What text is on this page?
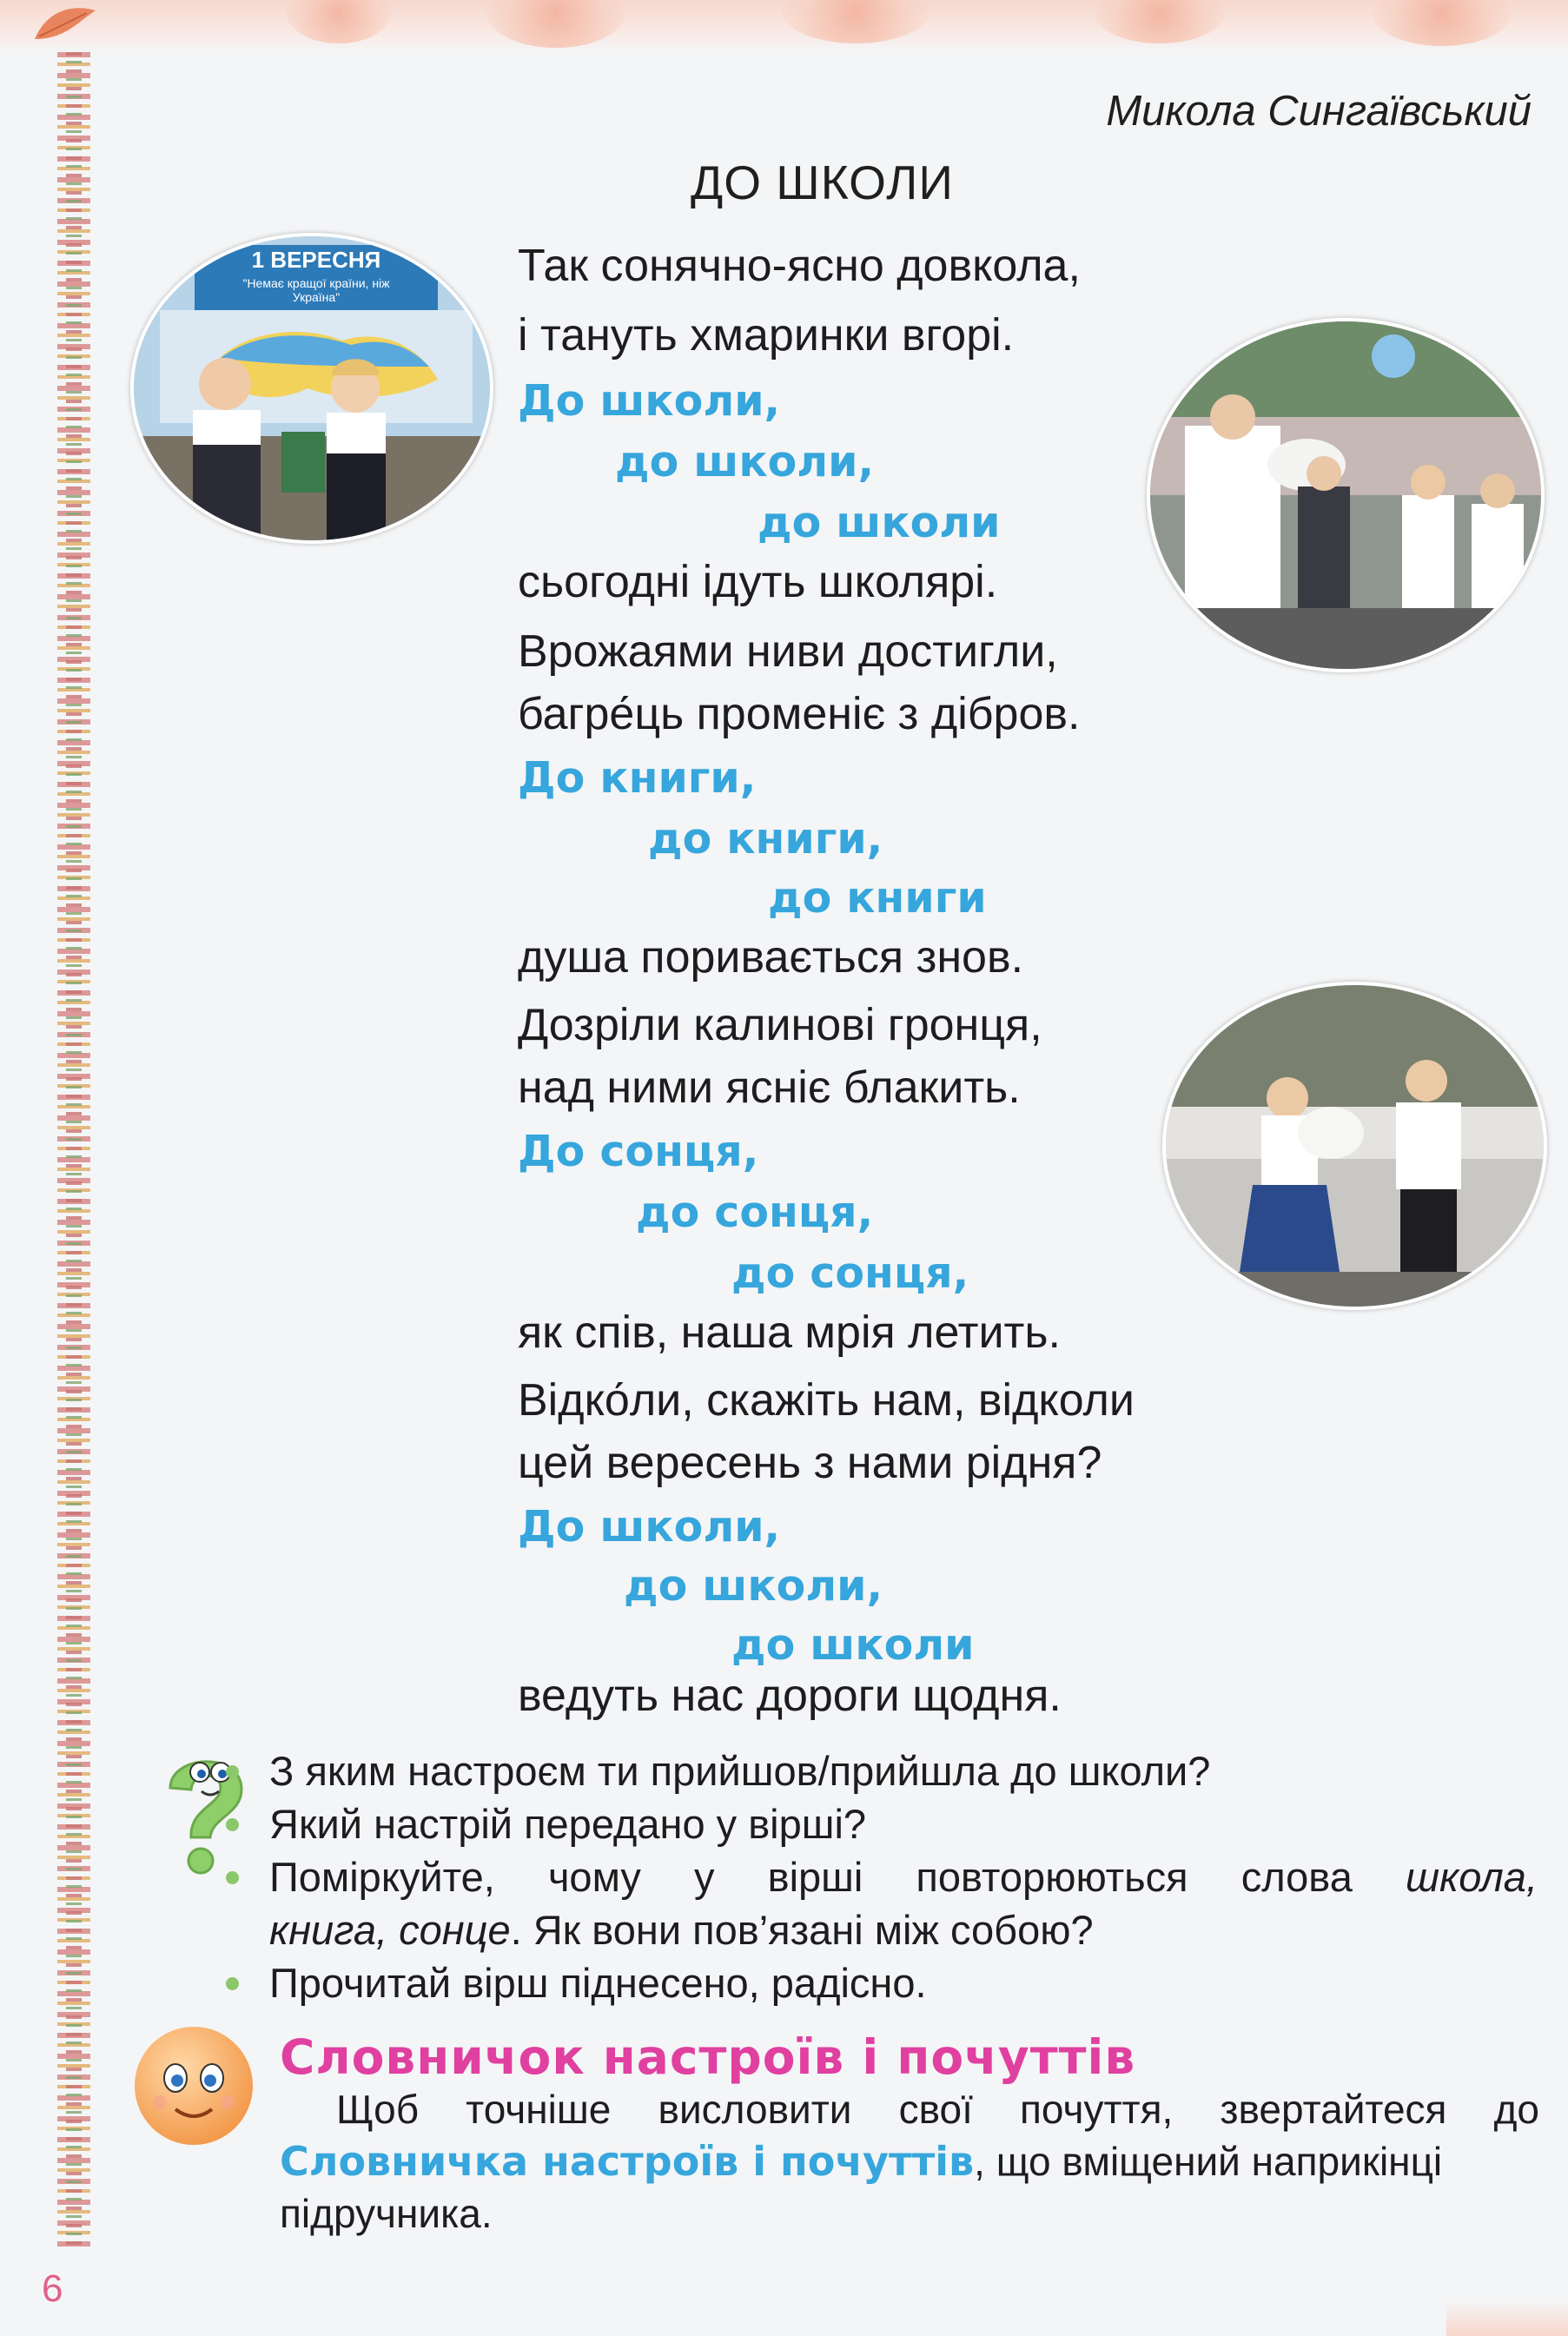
Микола Сингаївський
ДО ШКОЛИ
1 ВЕРЕСНЯ
"Немає кращої країни, ніж Україна"
Так сонячно-ясно довкола,
і тануть хмаринки вгорі.
До школи,
до школи,
до школи
сьогодні ідуть школярі.
Врожаями ниви достигли,
багре́ць променіє з дібров.
До книги,
до книги,
до книги
душа поривається знов.
Дозріли калинові гронця,
над ними ясніє блакить.
До сонця,
до сонця,
до сонця,
як спів, наша мрія летить.
Відко́ли, скажіть нам, відколи
цей вересень з нами рідня?
До школи,
до школи,
до школи
ведуть нас дороги щодня.
З яким настроєм ти прийшов/прийшла до школи?
Який настрій передано у вірші?
Поміркуйте, чому у вірші повторюються слова школа,
книга, сонце. Як вони пов’язані між собою?
Прочитай вірш піднесено, радісно.
Словничок настроїв і почуттів
Щоб точніше висловити свої почуття, звертайтеся до
Словничка настроїв і почуттів, що вміщений наприкінці
підручника.
6
